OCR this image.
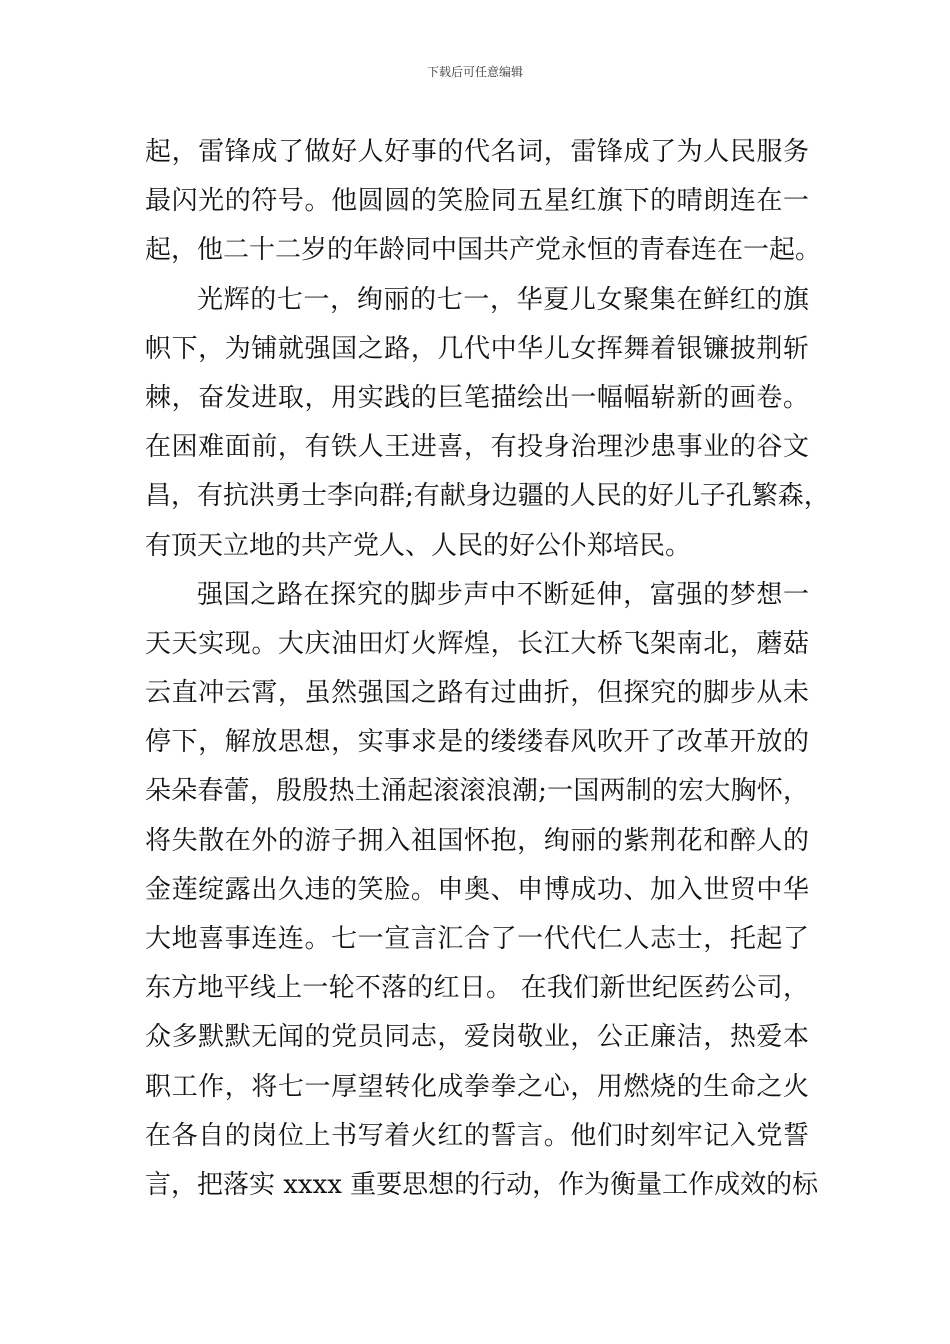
下载后可任意编辑
起，雷锋成了做好人好事的代名词，雷锋成了为人民服务
最闪光的符号。他圆圆的笑脸同五星红旗下的晴朗连在一
起，他二十二岁的年龄同中国共产党永恒的青春连在一起。
光辉的七一，绚丽的七一，华夏儿女聚集在鲜红的旗
帜下，为铺就强国之路，几代中华儿女挥舞着银镰披荆斩
棘，奋发进取，用实践的巨笔描绘出一幅幅崭新的画卷。
在困难面前，有铁人王进喜，有投身治理沙患事业的谷文
昌，有抗洪勇士李向群;有献身边疆的人民的好儿子孔繁森，
有顶天立地的共产党人、人民的好公仆郑培民。
强国之路在探究的脚步声中不断延伸，富强的梦想一
天天实现。大庆油田灯火辉煌，长江大桥飞架南北，蘑菇
云直冲云霄，虽然强国之路有过曲折，但探究的脚步从未
停下，解放思想，实事求是的缕缕春风吹开了改革开放的
朵朵春蕾，殷殷热土涌起滚滚浪潮;一国两制的宏大胸怀，
将失散在外的游子拥入祖国怀抱，绚丽的紫荆花和醉人的
金莲绽露出久违的笑脸。申奥、申博成功、加入世贸中华
大地喜事连连。七一宣言汇合了一代代仁人志士，托起了
东方地平线上一轮不落的红日。 在我们新世纪医药公司，
众多默默无闻的党员同志，爱岗敬业，公正廉洁，热爱本
职工作，将七一厚望转化成拳拳之心，用燃烧的生命之火
在各自的岗位上书写着火红的誓言。他们时刻牢记入党誓
言，把落实 xxxx 重要思想的行动，作为衡量工作成效的标
